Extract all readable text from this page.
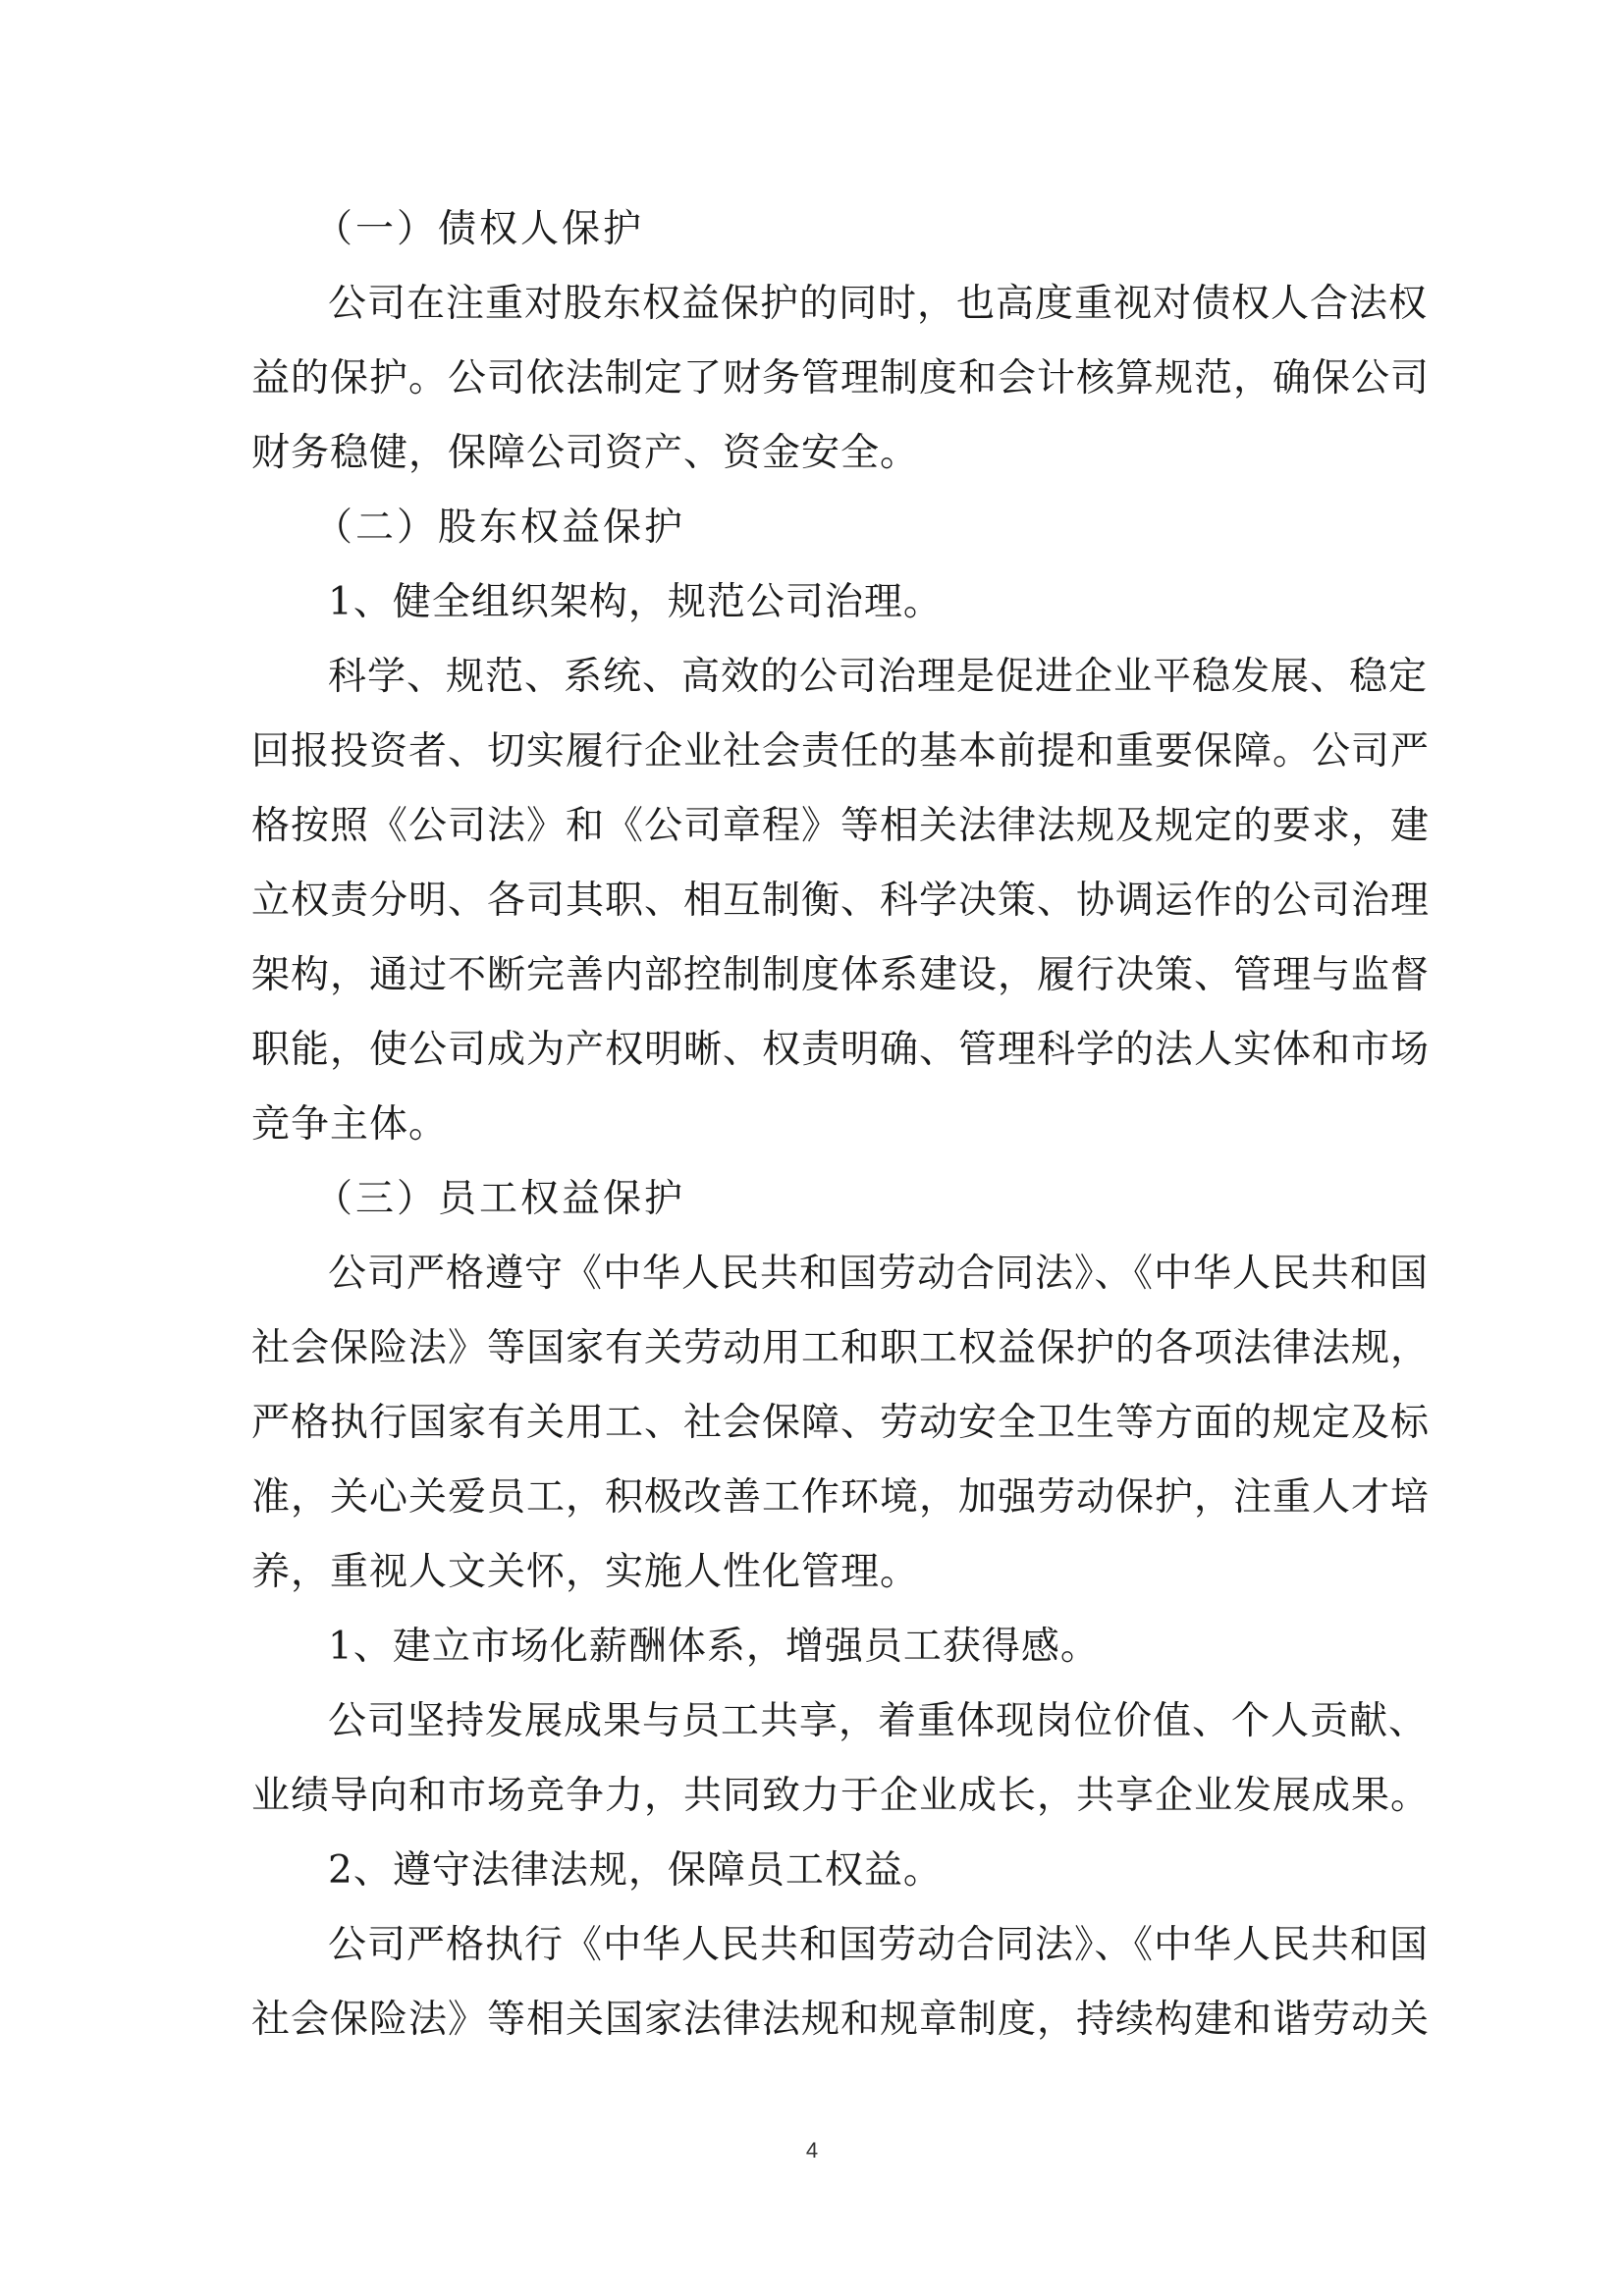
（一）债权人保护
公司在注重对股东权益保护的同时，也高度重视对债权人合法权
益的保护。公司依法制定了财务管理制度和会计核算规范，确保公司
财务稳健，保障公司资产、资金安全。
（二）股东权益保护
1、健全组织架构，规范公司治理。
科学、规范、系统、高效的公司治理是促进企业平稳发展、稳定
回报投资者、切实履行企业社会责任的基本前提和重要保障。公司严
格按照《公司法》和《公司章程》等相关法律法规及规定的要求，建
立权责分明、各司其职、相互制衡、科学决策、协调运作的公司治理
架构，通过不断完善内部控制制度体系建设，履行决策、管理与监督
职能，使公司成为产权明晰、权责明确、管理科学的法人实体和市场
竞争主体。
（三）员工权益保护
公司严格遵守《中华人民共和国劳动合同法》、《中华人民共和国
社会保险法》等国家有关劳动用工和职工权益保护的各项法律法规，
严格执行国家有关用工、社会保障、劳动安全卫生等方面的规定及标
准，关心关爱员工，积极改善工作环境，加强劳动保护，注重人才培
养，重视人文关怀，实施人性化管理。
1、建立市场化薪酬体系，增强员工获得感。
公司坚持发展成果与员工共享，着重体现岗位价值、个人贡献、
业绩导向和市场竞争力，共同致力于企业成长，共享企业发展成果。
2、遵守法律法规，保障员工权益。
公司严格执行《中华人民共和国劳动合同法》、《中华人民共和国
社会保险法》等相关国家法律法规和规章制度，持续构建和谐劳动关
4
